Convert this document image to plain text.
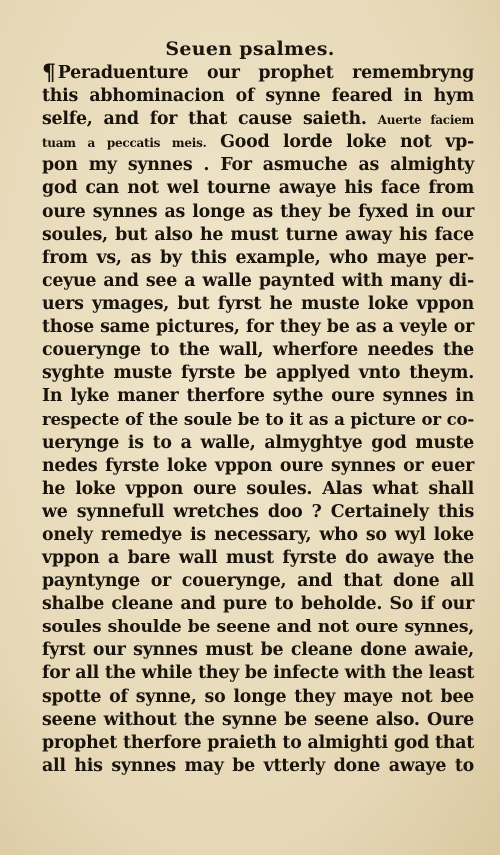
Seuen psalmes.
¶ Peraduenture our prophet remembryng
this abhominacion of synne feared in hym
selfe, and for that cause saieth. Auerte faciem
tuam a peccatis meis. Good lorde loke not vp-
pon my synnes . For asmuche as almighty
god can not wel tourne awaye his face from
oure synnes as longe as they be fyxed in our
soules, but also he must turne away his face
from vs, as by this example, who maye per-
ceyue and see a walle paynted with many di-
uers ymages, but fyrst he muste loke vppon
those same pictures, for they be as a veyle or
couerynge to the wall, wherfore needes the
syghte muste fyrste be applyed vnto theym.
In lyke maner therfore sythe oure synnes in
respecte of the soule be to it as a picture or co-
uerynge is to a walle, almyghtye god muste
nedes fyrste loke vppon oure synnes or euer
he loke vppon oure soules. Alas what shall
we synnefull wretches doo ? Certainely this
onely remedye is necessary, who so wyl loke
vppon a bare wall must fyrste do awaye the
payntynge or couerynge, and that done all
shalbe cleane and pure to beholde. So if our
soules shoulde be seene and not oure synnes,
fyrst our synnes must be cleane done awaie,
for all the while they be infecte with the least
spotte of synne, so longe they maye not bee
seene without the synne be seene also. Oure
prophet therfore praieth to almighti god that
all his synnes may be vtterly done awaye to
